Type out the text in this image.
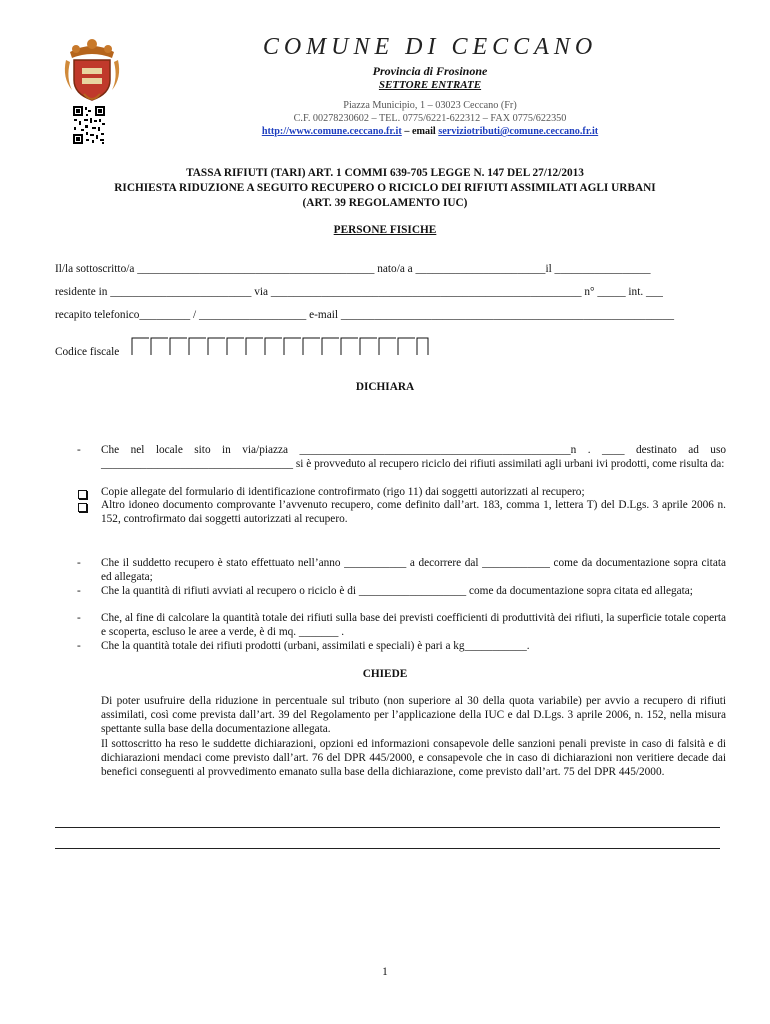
COMUNE DI CECCANO
Provincia di Frosinone
SETTORE ENTRATE
Piazza Municipio, 1 – 03023 Ceccano (Fr)
C.F. 00278230602 – TEL. 0775/6221-622312 – FAX 0775/622350
http://www.comune.ceccano.fr.it – email serviziotributi@comune.ceccano.fr.it
TASSA RIFIUTI (TARI) ART. 1 COMMI 639-705 LEGGE N. 147 DEL 27/12/2013
RICHIESTA RIDUZIONE A SEGUITO RECUPERO O RICICLO DEI RIFIUTI ASSIMILATI AGLI URBANI
(ART. 39 REGOLAMENTO IUC)
PERSONE FISICHE
Il/la sottoscritto/a __________________________________________ nato/a a _______________________il _________________
residente in _________________________ via _______________________________________________________ n° _____ int. ___
recapito telefonico_________ / ___________________ e-mail ___________________________________________________________
Codice fiscale
DICHIARA
- Che nel locale sito in via/piazza ________________________________________________n . ____ destinato ad uso __________________________________ si è provveduto al recupero riciclo dei rifiuti assimilati agli urbani ivi prodotti, come risulta da:
Copie allegate del formulario di identificazione controfirmato (rigo 11) dai soggetti autorizzati al recupero;
Altro idoneo documento comprovante l’avvenuto recupero, come definito dall’art. 183, comma 1, lettera T) del D.Lgs. 3 aprile 2006 n. 152, controfirmato dai soggetti autorizzati al recupero.
- Che il suddetto recupero è stato effettuato nell’anno ___________ a decorrere dal ____________ come da documentazione sopra citata ed allegata;
- Che la quantità di rifiuti avviati al recupero o riciclo è di ___________________ come da documentazione sopra citata ed allegata;
- Che, al fine di calcolare la quantità totale dei rifiuti sulla base dei previsti coefficienti di produttività dei rifiuti, la superficie totale coperta e scoperta, escluso le aree a verde, è di mq. _______ .
- Che la quantità totale dei rifiuti prodotti (urbani, assimilati e speciali) è pari a kg___________.
CHIEDE
Di poter usufruire della riduzione in percentuale sul tributo (non superiore al 30 della quota variabile) per avvio a recupero di rifiuti assimilati, così come prevista dall’art. 39 del Regolamento per l’applicazione della IUC e dal D.Lgs. 3 aprile 2006, n. 152, nella misura spettante sulla base della documentazione allegata.
Il sottoscritto ha reso le suddette dichiarazioni, opzioni ed informazioni consapevole delle sanzioni penali previste in caso di falsità e di dichiarazioni mendaci come previsto dall’art. 76 del DPR 445/2000, e consapevole che in caso di dichiarazioni non veritiere decade dai benefici conseguenti al provvedimento emanato sulla base della dichiarazione, come previsto dall’art. 75 del DPR 445/2000.
1
